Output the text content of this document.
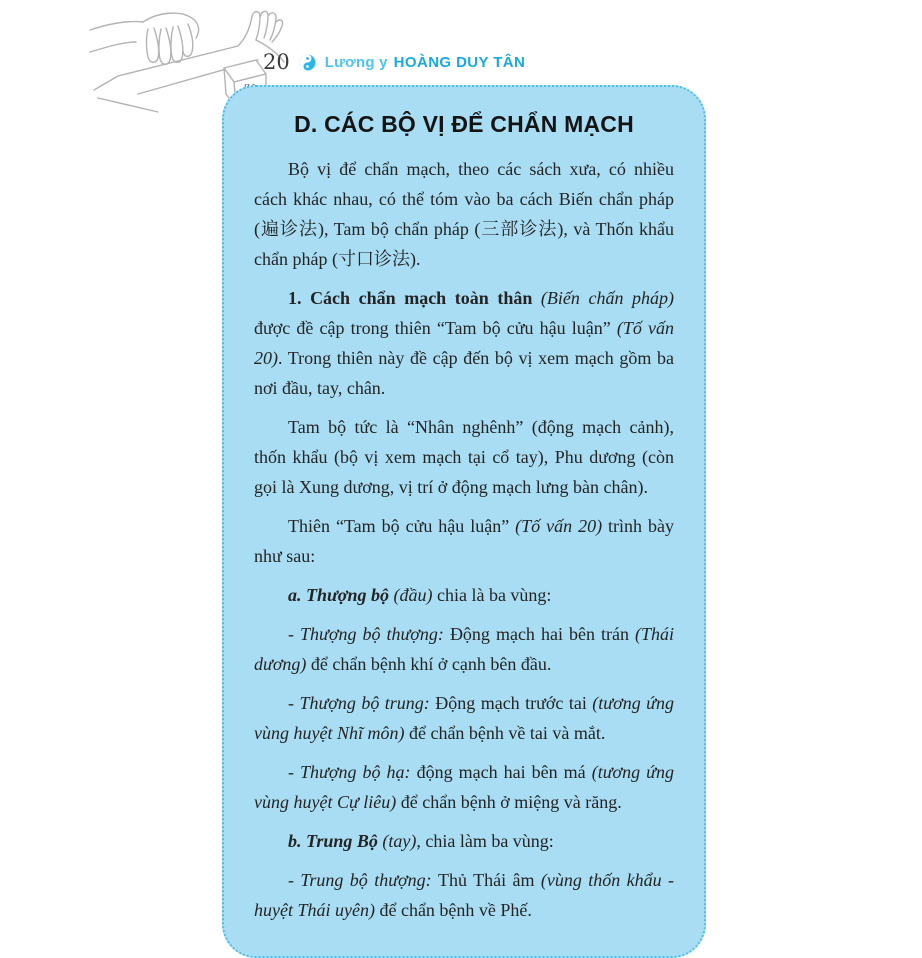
20 Lương y HOÀNG DUY TÂN
D. CÁC BỘ VỊ ĐỂ CHẨN MẠCH

Bộ vị để chẩn mạch, theo các sách xưa, có nhiều cách khác nhau, có thể tóm vào ba cách Biến chẩn pháp (遍诊法), Tam bộ chẩn pháp (三部诊法), và Thốn khẩu chẩn pháp (寸口诊法).

1. Cách chẩn mạch toàn thân (Biến chấn pháp) được đề cập trong thiên “Tam bộ cửu hậu luận” (Tố vấn 20). Trong thiên này đề cập đến bộ vị xem mạch gồm ba nơi đầu, tay, chân.

Tam bộ tức là “Nhân nghênh” (động mạch cảnh), thốn khẩu (bộ vị xem mạch tại cổ tay), Phu dương (còn gọi là Xung dương, vị trí ở động mạch lưng bàn chân).

Thiên “Tam bộ cửu hậu luận” (Tố vấn 20) trình bày như sau:

a. Thượng bộ (đầu) chia là ba vùng:

- Thượng bộ thượng: Động mạch hai bên trán (Thái dương) để chẩn bệnh khí ở cạnh bên đầu.

- Thượng bộ trung: Động mạch trước tai (tương ứng vùng huyệt Nhĩ môn) để chẩn bệnh về tai và mắt.

- Thượng bộ hạ: động mạch hai bên má (tương ứng vùng huyệt Cự liêu) để chẩn bệnh ở miệng và răng.

b. Trung Bộ (tay), chia làm ba vùng:

- Trung bộ thượng: Thủ Thái âm (vùng thốn khẩu - huyệt Thái uyên) để chẩn bệnh về Phế.
